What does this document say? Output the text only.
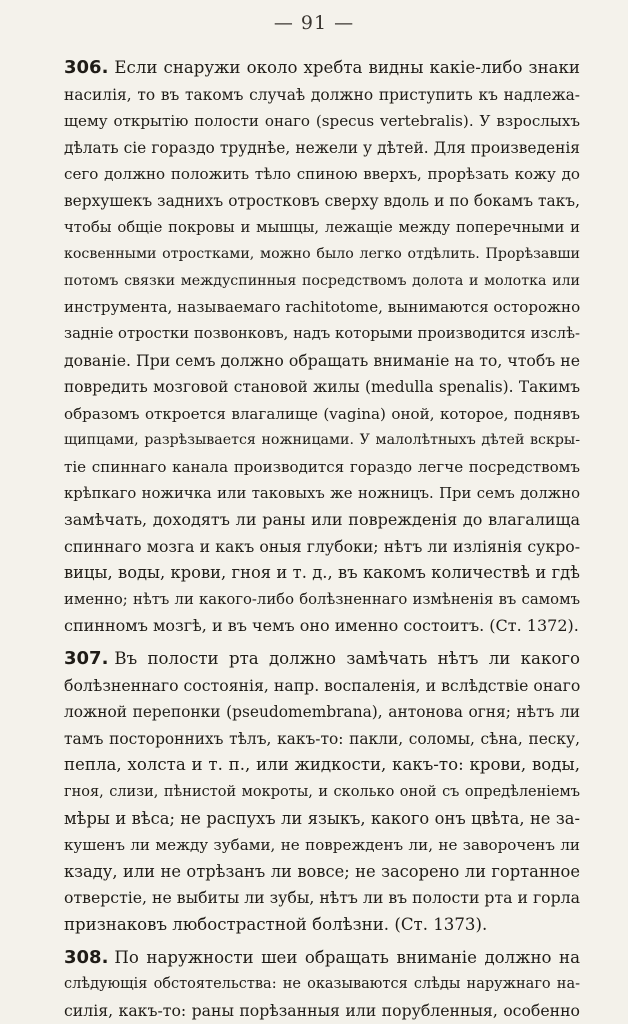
— 91 —
306. Если снаружи около хребта видны какіе-либо знаки
насилія, то въ такомъ случаѣ должно приступить къ надлежа-
щему открытію полости онаго (specus vertebralis). У взрослыхъ
дѣлать сіе гораздо труднѣе, нежели у дѣтей. Для произведенія
сего должно положить тѣло спиною вверхъ, прорѣзать кожу до
верхушекъ заднихъ отростковъ сверху вдоль и по бокамъ такъ,
чтобы общіе покровы и мышцы, лежащіе между поперечными и
косвенными отростками, можно было легко отдѣлить. Прорѣзавши
потомъ связки междуспинныя посредствомъ долота и молотка или
инструмента, называемаго rachitotome, вынимаются осторожно
задніе отростки позвонковъ, надъ которыми производится изслѣ-
дованіе. При семъ должно обращать вниманіе на то, чтобъ не
повредить мозговой становой жилы (medulla spenalis). Такимъ
образомъ откроется влагалище (vagina) оной, которое, поднявъ
щипцами, разрѣзывается ножницами. У малолѣтныхъ дѣтей вскры-
тіе спиннаго канала производится гораздо легче посредствомъ
крѣпкаго ножичка или таковыхъ же ножницъ. При семъ должно
замѣчать, доходятъ ли раны или поврежденія до влагалища
спиннаго мозга и какъ оныя глубоки; нѣтъ ли изліянія сукро-
вицы, воды, крови, гноя и т. д., въ какомъ количествѣ и гдѣ
именно; нѣтъ ли какого-либо болѣзненнаго измѣненія въ самомъ
спинномъ мозгѣ, и въ чемъ оно именно состоитъ. (Ст. 1372).
307. Въ полости рта должно замѣчать нѣтъ ли какого
болѣзненнаго состоянія, напр. воспаленія, и вслѣдствіе онаго
ложной перепонки (pseudomembrana), антонова огня; нѣтъ ли
тамъ постороннихъ тѣлъ, какъ-то: пакли, соломы, сѣна, песку,
пепла, холста и т. п., или жидкости, какъ-то: крови, воды,
гноя, слизи, пѣнистой мокроты, и сколько оной съ опредѣленіемъ
мѣры и вѣса; не распухъ ли языкъ, какого онъ цвѣта, не за-
кушенъ ли между зубами, не поврежденъ ли, не завороченъ ли
кзаду, или не отрѣзанъ ли вовсе; не засорено ли гортанное
отверстіе, не выбиты ли зубы, нѣтъ ли въ полости рта и горла
признаковъ любострастной болѣзни. (Ст. 1373).
308. По наружности шеи обращать вниманіе должно на
слѣдующія обстоятельства: не оказываются слѣды наружнаго на-
силія, какъ-то: раны порѣзанныя или порубленныя, особенно
